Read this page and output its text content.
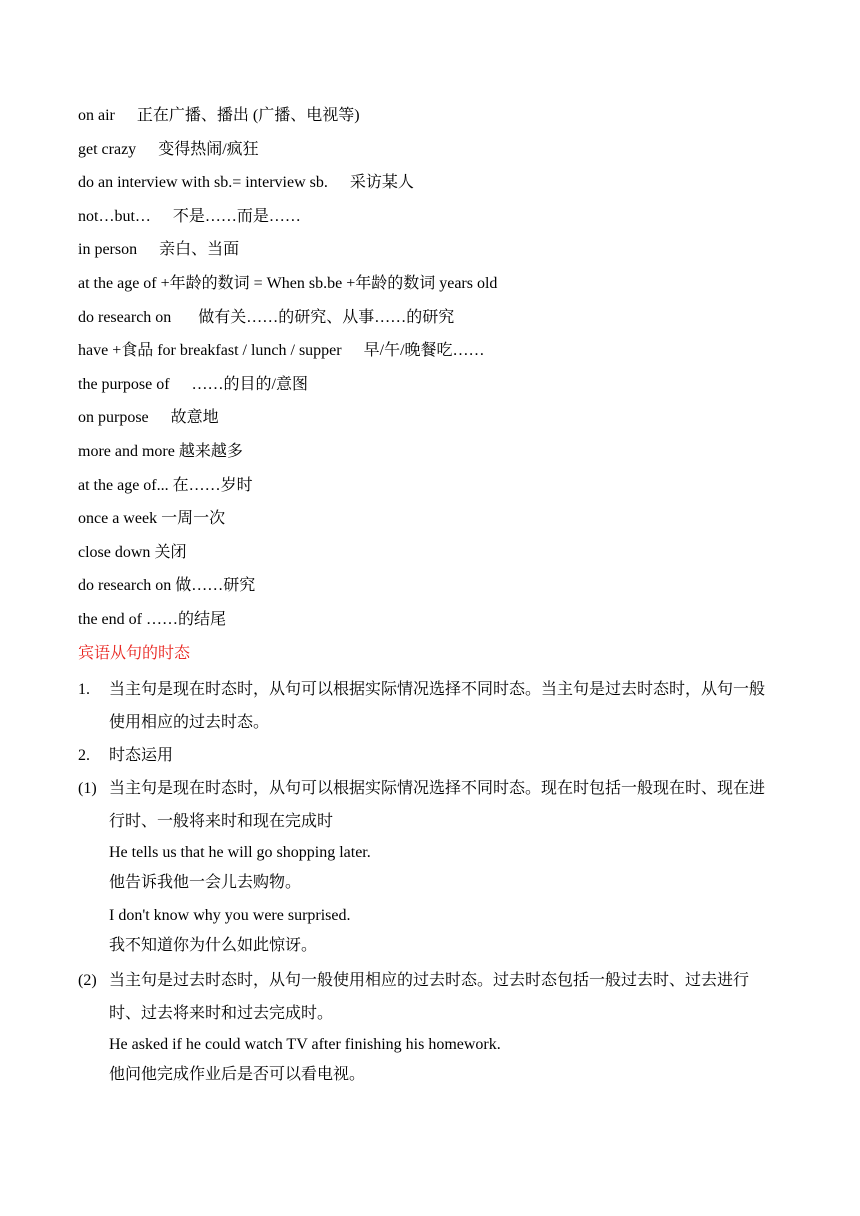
on air 正在广播、播出 (广播、电视等)
get crazy 变得热闹/疯狂
do an interview with sb.= interview sb. 采访某人
not…but… 不是……而是……
in person 亲白、当面
at the age of +年龄的数词 = When sb.be +年龄的数词 years old
do research on 做有关……的研究、从事……的研究
have +食品 for breakfast / lunch / supper 早/午/晚餐吃……
the purpose of ……的目的/意图
on purpose 故意地
more and more 越来越多
at the age of... 在……岁时
once a week 一周一次
close down 关闭
do research on 做……研究
the end of ……的结尾
宾语从句的时态
1. 当主句是现在时态时，从句可以根据实际情况选择不同时态。当主句是过去时态时，从句一般使用相应的过去时态。
2. 时态运用
(1) 当主句是现在时态时，从句可以根据实际情况选择不同时态。现在时包括一般现在时、现在进行时、一般将来时和现在完成时
He tells us that he will go shopping later.
他告诉我他一会儿去购物。
I don't know why you were surprised.
我不知道你为什么如此惊讶。
(2) 当主句是过去时态时，从句一般使用相应的过去时态。过去时态包括一般过去时、过去进行时、过去将来时和过去完成时。
He asked if he could watch TV after finishing his homework.
他问他完成作业后是否可以看电视。
